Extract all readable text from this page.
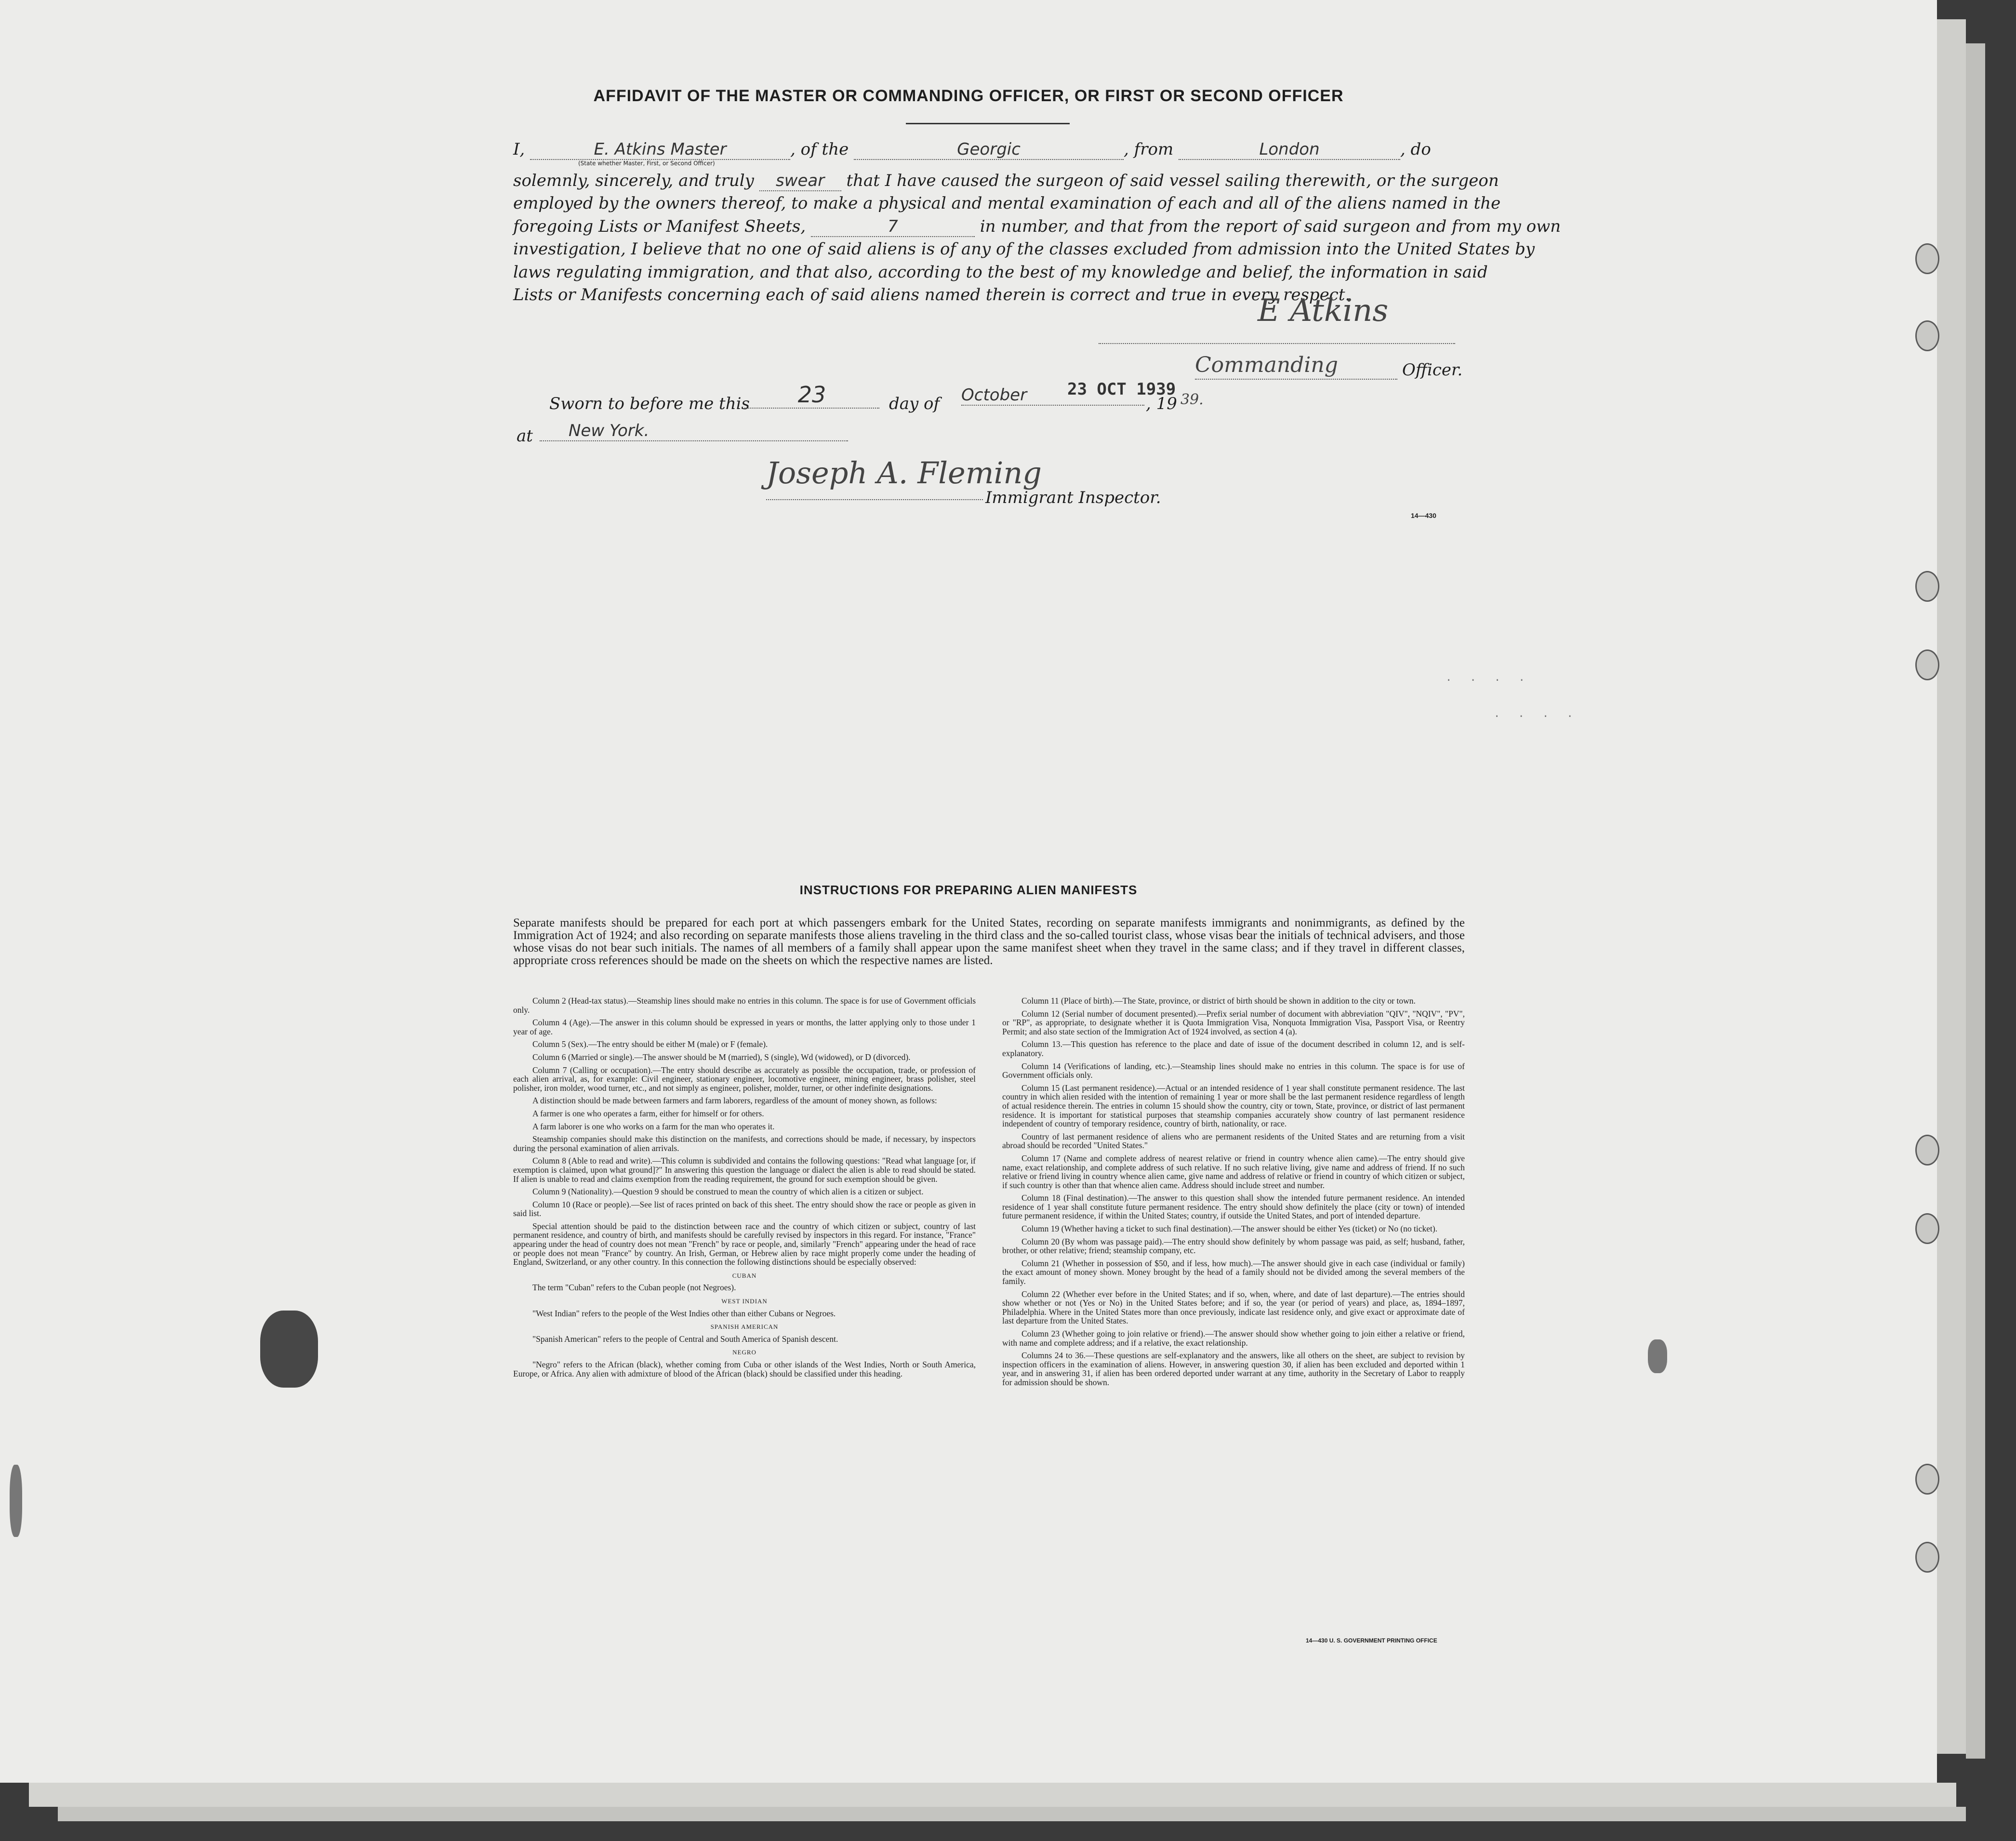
· · · ·
· · · ·
AFFIDAVIT OF THE MASTER OR COMMANDING OFFICER, OR FIRST OR SECOND OFFICER
I,	E. Atkins Master	, of the	Georgic	, from	London	, do
(State whether Master, First, or Second Officer)
solemnly, sincerely, and truly swear that I have caused the surgeon of said vessel sailing therewith, or the surgeon
employed by the owners thereof, to make a physical and mental examination of each and all of the aliens named in the
foregoing Lists or Manifest Sheets,	7	in number, and that from the report of said surgeon and from my own
investigation, I believe that no one of said aliens is of any of the classes excluded from admission into the United States by
laws regulating immigration, and that also, according to the best of my knowledge and belief, the information in said
Lists or Manifests concerning each of said aliens named therein is correct and true in every respect.
E Atkins
Commanding	Officer.
Sworn to before me this	23	day of October	23 OCT 1939
, 19 39.
at	New York.
Joseph A. Fleming
Immigrant Inspector.
14—430
INSTRUCTIONS FOR PREPARING ALIEN MANIFESTS
Separate manifests should be prepared for each port at which passengers embark for the United States, recording on separate manifests immigrants and nonimmigrants, as defined by the Immigration Act of 1924; and also recording on separate manifests those aliens traveling in the third class and the so-called tourist class, whose visas bear the initials of technical advisers, and those whose visas do not bear such initials. The names of all members of a family shall appear upon the same manifest sheet when they travel in the same class; and if they travel in different classes, appropriate cross references should be made on the sheets on which the respective names are listed.

Column 2 (Head-tax status).—Steamship lines should make no entries in this column. The space is for use of Government officials only.

Column 4 (Age).—The answer in this column should be expressed in years or months, the latter applying only to those under 1 year of age.

Column 5 (Sex).—The entry should be either M (male) or F (female).

Column 6 (Married or single).—The answer should be M (married), S (single), Wd (widowed), or D (divorced).

Column 7 (Calling or occupation).—The entry should describe as accurately as possible the occupation, trade, or profession of each alien arrival, as, for example: Civil engineer, stationary engineer, locomotive engineer, mining engineer, brass polisher, steel polisher, iron molder, wood turner, etc., and not simply as engineer, polisher, molder, turner, or other indefinite designations.

A distinction should be made between farmers and farm laborers, regardless of the amount of money shown, as follows:

A farmer is one who operates a farm, either for himself or for others.

A farm laborer is one who works on a farm for the man who operates it.

Steamship companies should make this distinction on the manifests, and corrections should be made, if necessary, by inspectors during the personal examination of alien arrivals.

Column 8 (Able to read and write).—This column is subdivided and contains the following questions: "Read what language [or, if exemption is claimed, upon what ground]?" In answering this question the language or dialect the alien is able to read should be stated. If alien is unable to read and claims exemption from the reading requirement, the ground for such exemption should be given.

Column 9 (Nationality).—Question 9 should be construed to mean the country of which alien is a citizen or subject.

Column 10 (Race or people).—See list of races printed on back of this sheet. The entry should show the race or people as given in said list.

Special attention should be paid to the distinction between race and the country of which citizen or subject, country of last permanent residence, and country of birth, and manifests should be carefully revised by inspectors in this regard. For instance, "France" appearing under the head of country does not mean "French" by race or people, and, similarly "French" appearing under the head of race or people does not mean "France" by country. An Irish, German, or Hebrew alien by race might properly come under the heading of England, Switzerland, or any other country. In this connection the following distinctions should be especially observed:

CUBAN

The term "Cuban" refers to the Cuban people (not Negroes).

WEST INDIAN

"West Indian" refers to the people of the West Indies other than either Cubans or Negroes.

SPANISH AMERICAN

"Spanish American" refers to the people of Central and South America of Spanish descent.

NEGRO

"Negro" refers to the African (black), whether coming from Cuba or other islands of the West Indies, North or South America, Europe, or Africa. Any alien with admixture of blood of the African (black) should be classified under this heading.

Column 11 (Place of birth).—The State, province, or district of birth should be shown in addition to the city or town.

Column 12 (Serial number of document presented).—Prefix serial number of document with abbreviation "QIV", "NQIV", "PV", or "RP", as appropriate, to designate whether it is Quota Immigration Visa, Nonquota Immigration Visa, Passport Visa, or Reentry Permit; and also state section of the Immigration Act of 1924 involved, as section 4 (a).

Column 13.—This question has reference to the place and date of issue of the document described in column 12, and is self-explanatory.

Column 14 (Verifications of landing, etc.).—Steamship lines should make no entries in this column. The space is for use of Government officials only.

Column 15 (Last permanent residence).—Actual or an intended residence of 1 year shall constitute permanent residence. The last country in which alien resided with the intention of remaining 1 year or more shall be the last permanent residence regardless of length of actual residence therein. The entries in column 15 should show the country, city or town, State, province, or district of last permanent residence. It is important for statistical purposes that steamship companies accurately show country of last permanent residence independent of country of temporary residence, country of birth, nationality, or race.

Country of last permanent residence of aliens who are permanent residents of the United States and are returning from a visit abroad should be recorded "United States."

Column 17 (Name and complete address of nearest relative or friend in country whence alien came).—The entry should give name, exact relationship, and complete address of such relative. If no such relative living, give name and address of friend. If no such relative or friend living in country whence alien came, give name and address of relative or friend in country of which citizen or subject, if such country is other than that whence alien came. Address should include street and number.

Column 18 (Final destination).—The answer to this question shall show the intended future permanent residence. An intended residence of 1 year shall constitute future permanent residence. The entry should show definitely the place (city or town) of intended future permanent residence, if within the United States; country, if outside the United States, and port of intended departure.

Column 19 (Whether having a ticket to such final destination).—The answer should be either Yes (ticket) or No (no ticket).

Column 20 (By whom was passage paid).—The entry should show definitely by whom passage was paid, as self; husband, father, brother, or other relative; friend; steamship company, etc.

Column 21 (Whether in possession of $50, and if less, how much).—The answer should give in each case (individual or family) the exact amount of money shown. Money brought by the head of a family should not be divided among the several members of the family.

Column 22 (Whether ever before in the United States; and if so, when, where, and date of last departure).—The entries should show whether or not (Yes or No) in the United States before; and if so, the year (or period of years) and place, as, 1894–1897, Philadelphia. Where in the United States more than once previously, indicate last residence only, and give exact or approximate date of last departure from the United States.

Column 23 (Whether going to join relative or friend).—The answer should show whether going to join either a relative or friend, with name and complete address; and if a relative, the exact relationship.

Columns 24 to 36.—These questions are self-explanatory and the answers, like all others on the sheet, are subject to revision by inspection officers in the examination of aliens. However, in answering question 30, if alien has been excluded and deported within 1 year, and in answering 31, if alien has been ordered deported under warrant at any time, authority in the Secretary of Labor to reapply for admission should be shown.

14—430 U. S. GOVERNMENT PRINTING OFFICE
